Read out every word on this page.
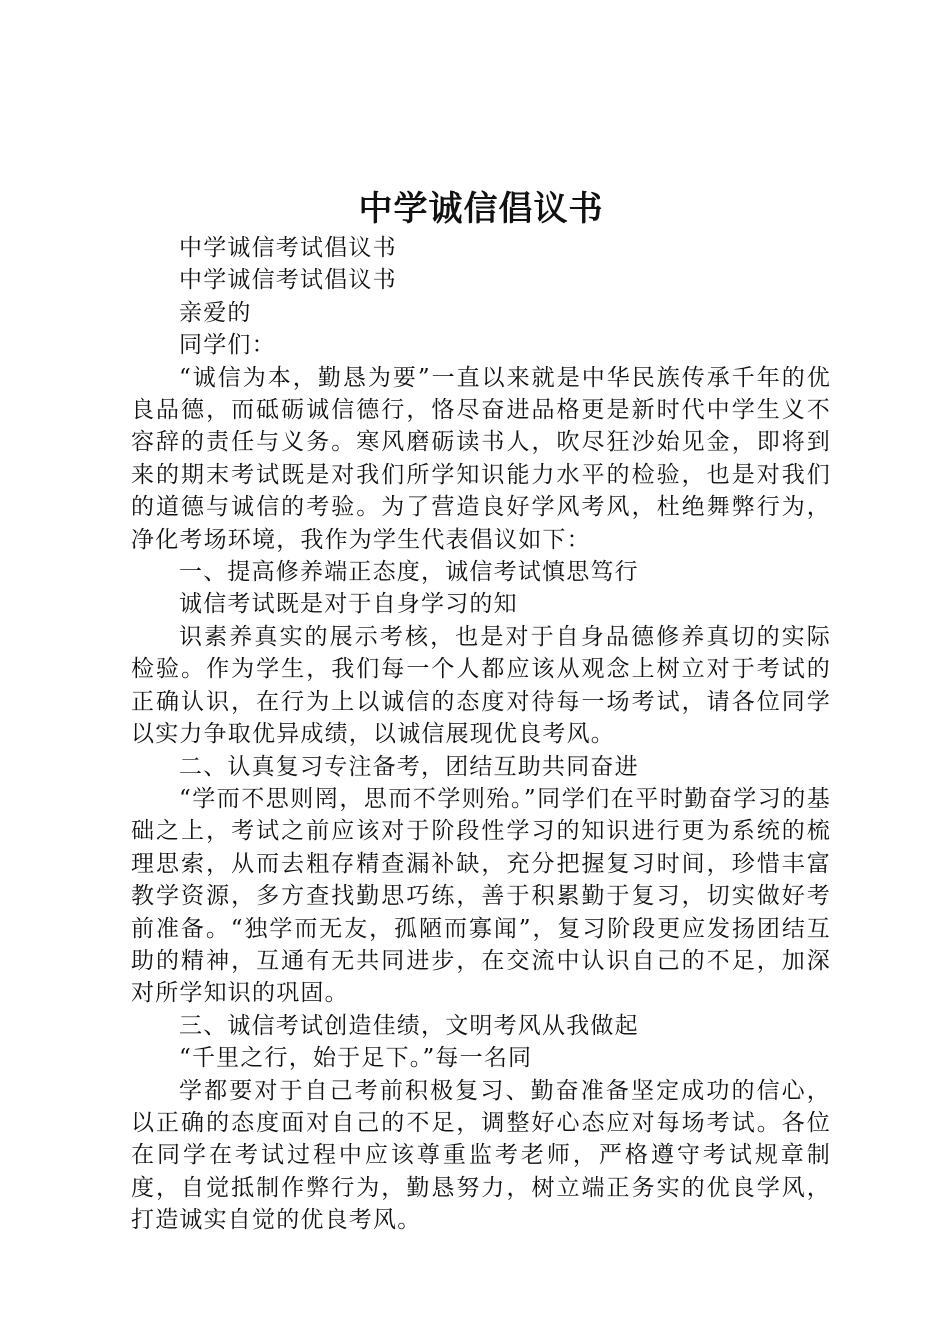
中学诚信倡议书

中学诚信考试倡议书

中学诚信考试倡议书

亲爱的

同学们：

“诚信为本，勤恳为要”一直以来就是中华民族传承千年的优良品德，而砥砺诚信德行，恪尽奋进品格更是新时代中学生义不容辞的责任与义务。寒风磨砺读书人，吹尽狂沙始见金，即将到来的期末考试既是对我们所学知识能力水平的检验，也是对我们的道德与诚信的考验。为了营造良好学风考风，杜绝舞弊行为，净化考场环境，我作为学生代表倡议如下：

一、提高修养端正态度，诚信考试慎思笃行

诚信考试既是对于自身学习的知

识素养真实的展示考核，也是对于自身品德修养真切的实际检验。作为学生，我们每一个人都应该从观念上树立对于考试的正确认识，在行为上以诚信的态度对待每一场考试，请各位同学以实力争取优异成绩，以诚信展现优良考风。

二、认真复习专注备考，团结互助共同奋进

“学而不思则罔，思而不学则殆。”同学们在平时勤奋学习的基础之上，考试之前应该对于阶段性学习的知识进行更为系统的梳理思索，从而去粗存精查漏补缺，充分把握复习时间，珍惜丰富教学资源，多方查找勤思巧练，善于积累勤于复习，切实做好考前准备。“独学而无友，孤陋而寡闻”，复习阶段更应发扬团结互助的精神，互通有无共同进步，在交流中认识自己的不足，加深对所学知识的巩固。

三、诚信考试创造佳绩，文明考风从我做起

“千里之行，始于足下。”每一名同

学都要对于自己考前积极复习、勤奋准备坚定成功的信心，以正确的态度面对自己的不足，调整好心态应对每场考试。各位在同学在考试过程中应该尊重监考老师，严格遵守考试规章制度，自觉抵制作弊行为，勤恳努力，树立端正务实的优良学风，打造诚实自觉的优良考风。
